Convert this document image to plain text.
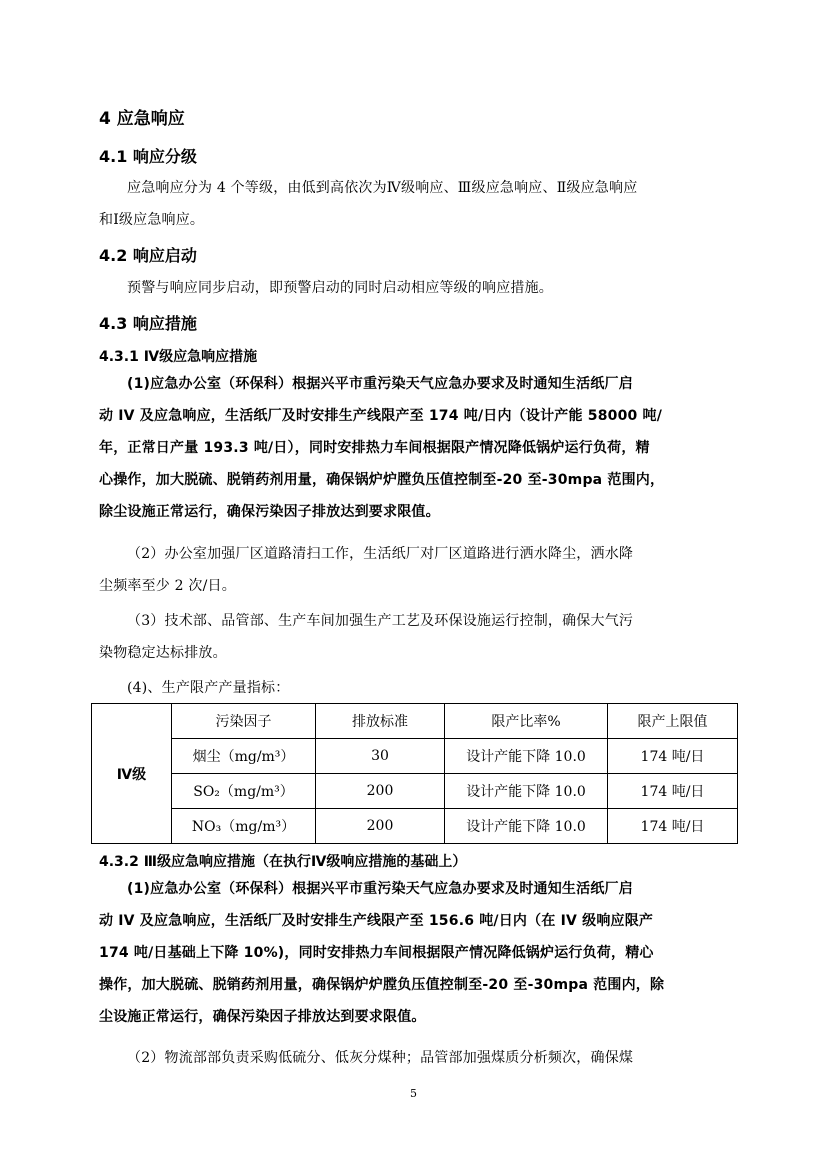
4 应急响应
4.1 响应分级
应急响应分为 4 个等级，由低到高依次为Ⅳ级响应、Ⅲ级应急响应、Ⅱ级应急响应
和Ⅰ级应急响应。
4.2 响应启动
预警与响应同步启动，即预警启动的同时启动相应等级的响应措施。
4.3 响应措施
4.3.1 Ⅳ级应急响应措施
(1)应急办公室（环保科）根据兴平市重污染天气应急办要求及时通知生活纸厂启
动 IV 及应急响应，生活纸厂及时安排生产线限产至 174 吨/日内（设计产能 58000 吨/
年，正常日产量 193.3 吨/日），同时安排热力车间根据限产情况降低锅炉运行负荷，精
心操作，加大脱硫、脱销药剂用量，确保锅炉炉膛负压值控制至-20 至-30mpa 范围内，
除尘设施正常运行，确保污染因子排放达到要求限值。
（2）办公室加强厂区道路清扫工作，生活纸厂对厂区道路进行洒水降尘，洒水降
尘频率至少 2 次/日。
（3）技术部、品管部、生产车间加强生产工艺及环保设施运行控制，确保大气污
染物稳定达标排放。
(4)、生产限产产量指标：
Ⅳ级	污染因子	排放标准	限产比率%	限产上限值
	烟尘（mg/m³）	30	设计产能下降 10.0	174 吨/日
	SO₂（mg/m³）	200	设计产能下降 10.0	174 吨/日
	NO₃（mg/m³）	200	设计产能下降 10.0	174 吨/日
4.3.2 Ⅲ级应急响应措施（在执行Ⅳ级响应措施的基础上）
(1)应急办公室（环保科）根据兴平市重污染天气应急办要求及时通知生活纸厂启
动 IV 及应急响应，生活纸厂及时安排生产线限产至 156.6 吨/日内（在 IV 级响应限产
174 吨/日基础上下降 10%)，同时安排热力车间根据限产情况降低锅炉运行负荷，精心
操作，加大脱硫、脱销药剂用量，确保锅炉炉膛负压值控制至-20 至-30mpa 范围内，除
尘设施正常运行，确保污染因子排放达到要求限值。
（2）物流部部负责采购低硫分、低灰分煤种；品管部加强煤质分析频次，确保煤
5
